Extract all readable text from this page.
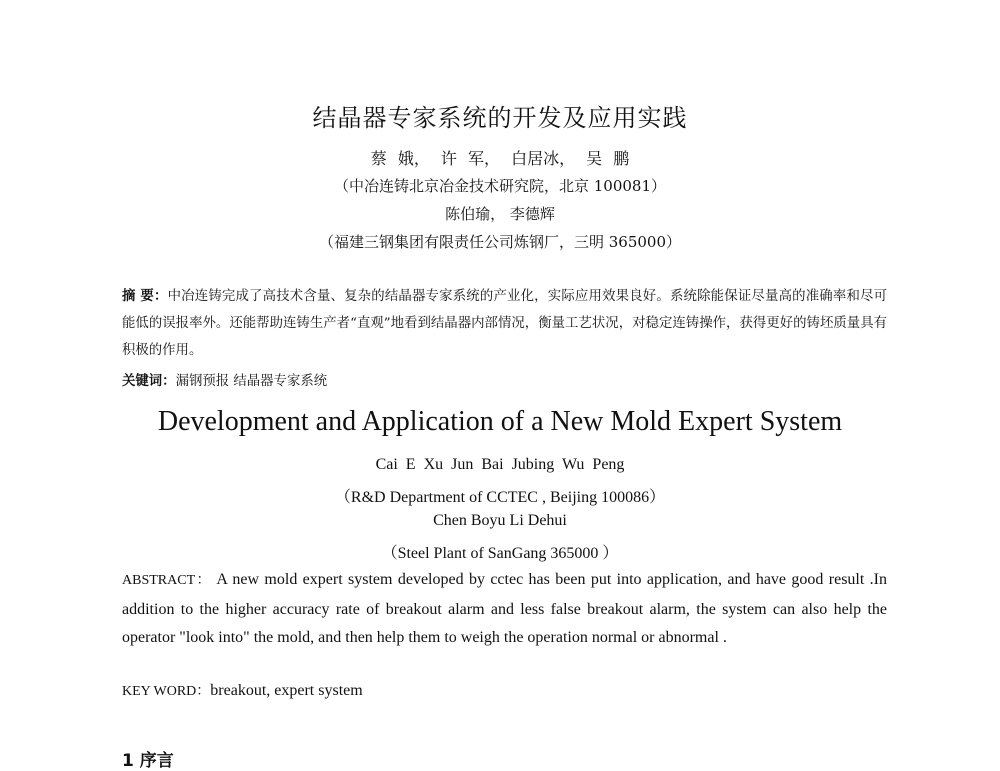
结晶器专家系统的开发及应用实践
蔡 娥， 许 军， 白居冰， 吴 鹏
（中冶连铸北京冶金技术研究院，北京 100081）
陈伯瑜， 李德辉
（福建三钢集团有限责任公司炼钢厂，三明 365000）
摘 要：中冶连铸完成了高技术含量、复杂的结晶器专家系统的产业化，实际应用效果良好。系统除能保证尽量高的准确率和尽可能低的误报率外。还能帮助连铸生产者“直观”地看到结晶器内部情况，衡量工艺状况，对稳定连铸操作，获得更好的铸坯质量具有积极的作用。
关键词：漏钢预报 结晶器专家系统
Development and Application of a New Mold Expert System
Cai E Xu Jun Bai Jubing Wu Peng
（R&D Department of CCTEC , Beijing 100086）
Chen Boyu Li Dehui
（Steel Plant of SanGang 365000 ）
ABSTRACT： A new mold expert system developed by cctec has been put into application, and have good result .In addition to the higher accuracy rate of breakout alarm and less false breakout alarm, the system can also help the operator "look into" the mold, and then help them to weigh the operation normal or abnormal .
KEY WORD：breakout, expert system
1 序言
